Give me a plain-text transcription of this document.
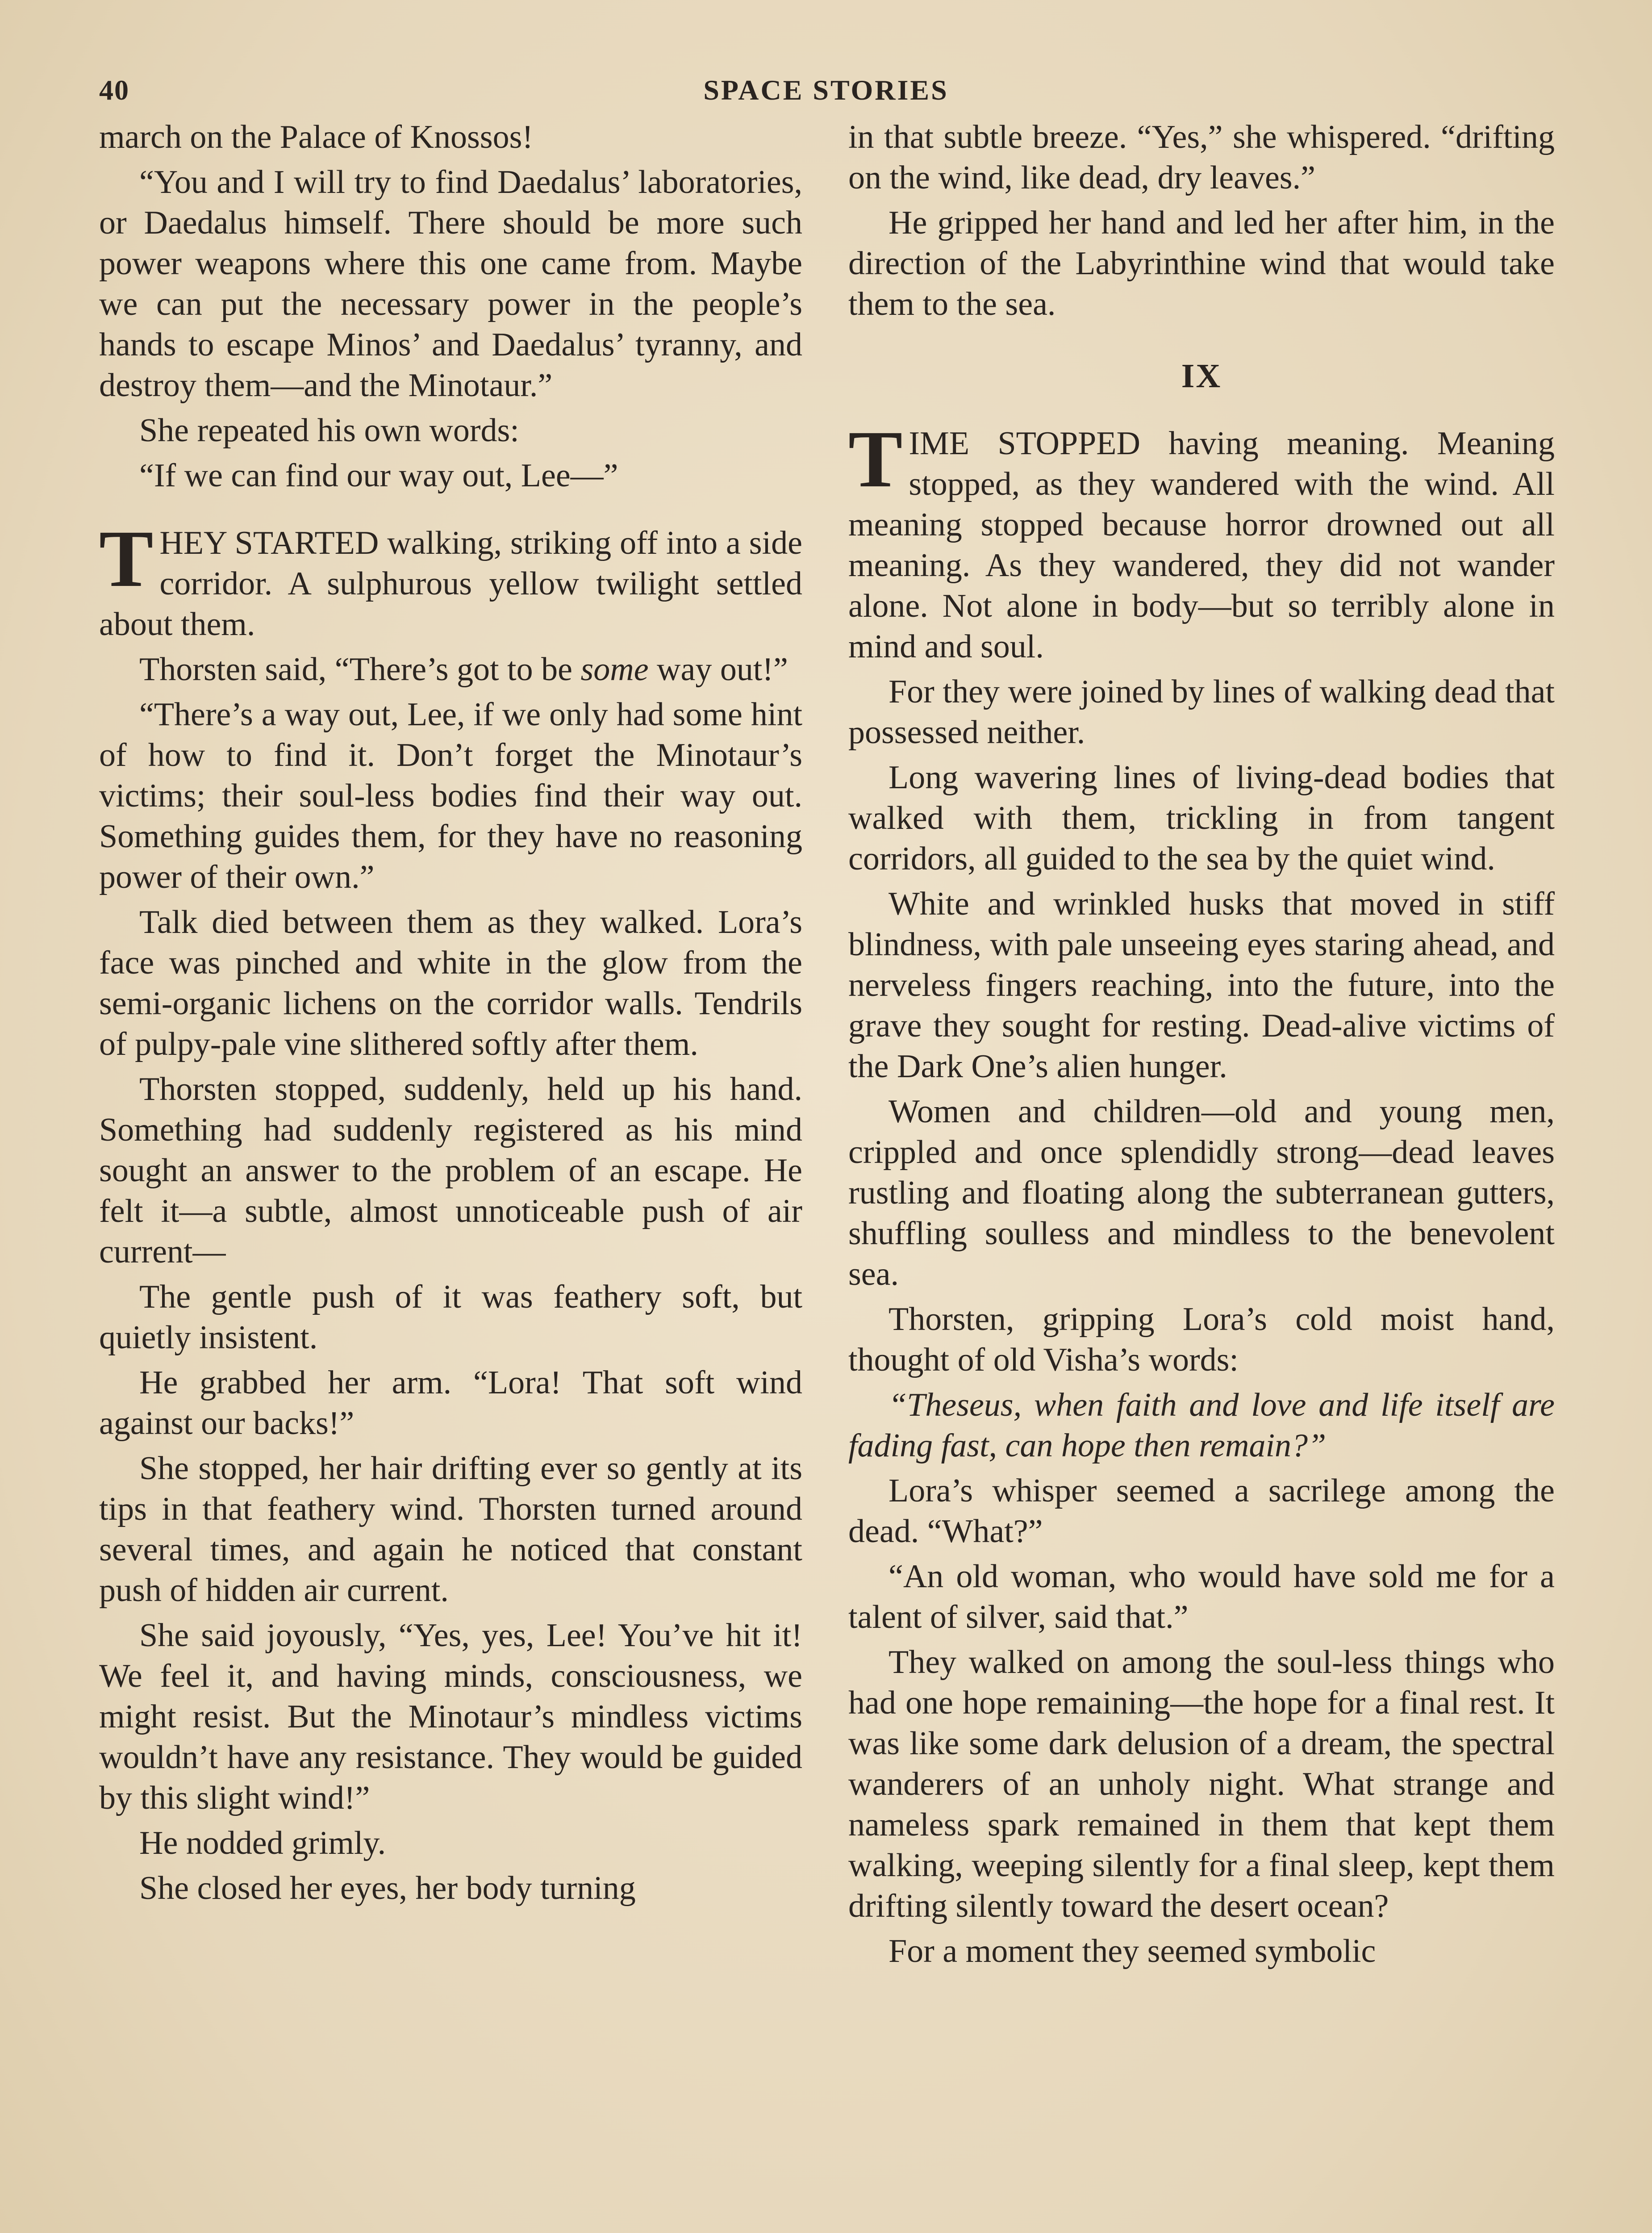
40	SPACE STORIES

march on the Palace of Knossos!

“You and I will try to find Daedalus’ laboratories, or Daedalus himself. There should be more such power weapons where this one came from. Maybe we can put the necessary power in the people’s hands to escape Minos’ and Daedalus’ tyranny, and destroy them—and the Minotaur.”

She repeated his own words:

“If we can find our way out, Lee—”

THEY STARTED walking, striking off into a side corridor. A sulphurous yellow twilight settled about them.

Thorsten said, “There’s got to be some way out!”

“There’s a way out, Lee, if we only had some hint of how to find it. Don’t forget the Minotaur’s victims; their soul-less bodies find their way out. Something guides them, for they have no reasoning power of their own.”

Talk died between them as they walked. Lora’s face was pinched and white in the glow from the semi-organic lichens on the corridor walls. Tendrils of pulpy-pale vine slithered softly after them.

Thorsten stopped, suddenly, held up his hand. Something had suddenly registered as his mind sought an answer to the problem of an escape. He felt it—a subtle, almost unnoticeable push of air current—

The gentle push of it was feathery soft, but quietly insistent.

He grabbed her arm. “Lora! That soft wind against our backs!”

She stopped, her hair drifting ever so gently at its tips in that feathery wind. Thorsten turned around several times, and again he noticed that constant push of hidden air current.

She said joyously, “Yes, yes, Lee! You’ve hit it! We feel it, and having minds, consciousness, we might resist. But the Minotaur’s mindless victims wouldn’t have any resistance. They would be guided by this slight wind!”

He nodded grimly.

She closed her eyes, her body turning

in that subtle breeze. “Yes,” she whispered. “drifting on the wind, like dead, dry leaves.”

He gripped her hand and led her after him, in the direction of the Labyrinthine wind that would take them to the sea.

IX

TIME STOPPED having meaning. Meaning stopped, as they wandered with the wind. All meaning stopped because horror drowned out all meaning. As they wandered, they did not wander alone. Not alone in body—but so terribly alone in mind and soul.

For they were joined by lines of walking dead that possessed neither.

Long wavering lines of living-dead bodies that walked with them, trickling in from tangent corridors, all guided to the sea by the quiet wind.

White and wrinkled husks that moved in stiff blindness, with pale unseeing eyes staring ahead, and nerveless fingers reaching, into the future, into the grave they sought for resting. Dead-alive victims of the Dark One’s alien hunger.

Women and children—old and young men, crippled and once splendidly strong—dead leaves rustling and floating along the subterranean gutters, shuffling soulless and mindless to the benevolent sea.

Thorsten, gripping Lora’s cold moist hand, thought of old Visha’s words:

“Theseus, when faith and love and life itself are fading fast, can hope then remain?”

Lora’s whisper seemed a sacrilege among the dead. “What?”

“An old woman, who would have sold me for a talent of silver, said that.”

They walked on among the soul-less things who had one hope remaining—the hope for a final rest. It was like some dark delusion of a dream, the spectral wanderers of an unholy night. What strange and nameless spark remained in them that kept them walking, weeping silently for a final sleep, kept them drifting silently toward the desert ocean?

For a moment they seemed symbolic
